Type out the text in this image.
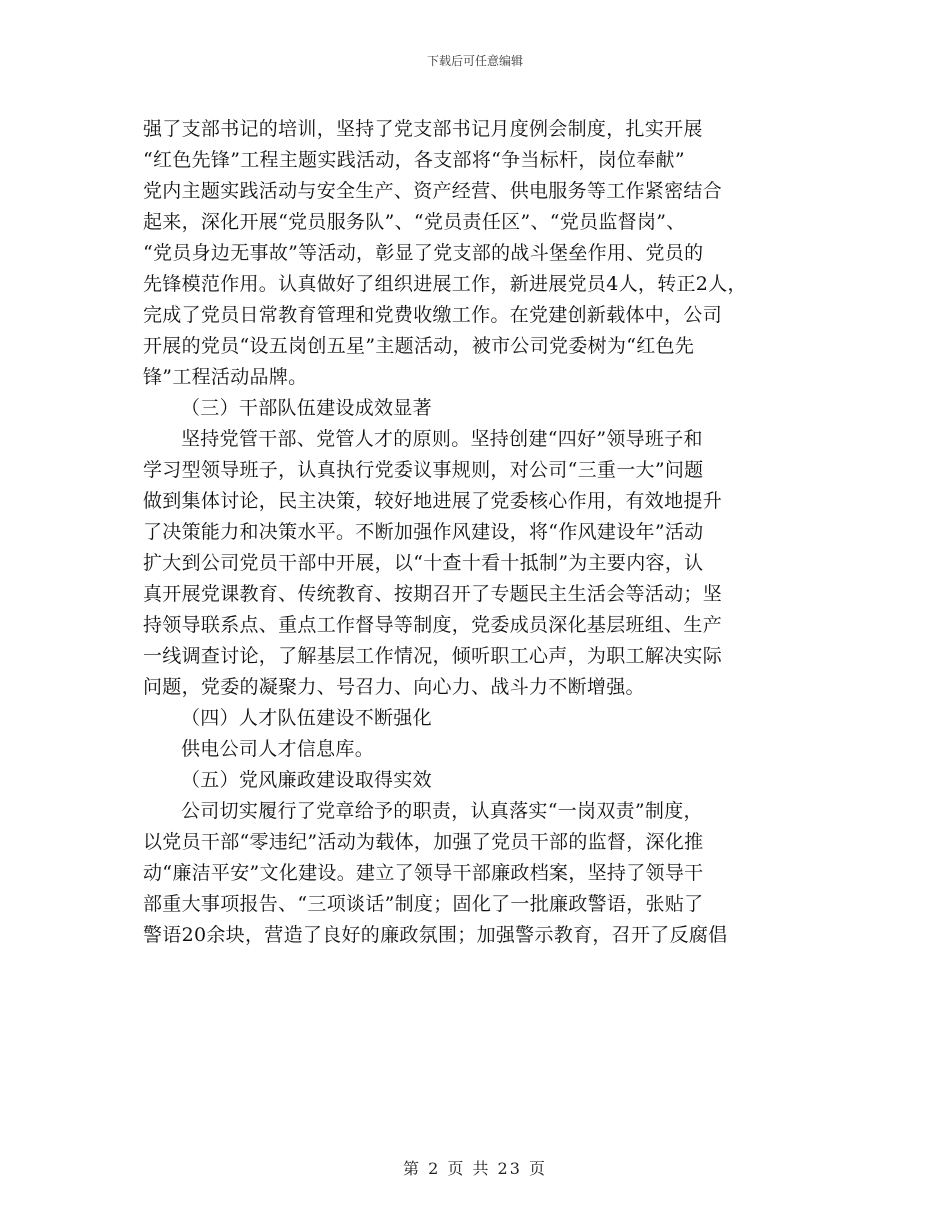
下载后可任意编辑
强了支部书记的培训，坚持了党支部书记月度例会制度，扎实开展
“红色先锋”工程主题实践活动，各支部将“争当标杆，岗位奉献”
党内主题实践活动与安全生产、资产经营、供电服务等工作紧密结合
起来，深化开展“党员服务队”、“党员责任区”、“党员监督岗”、
“党员身边无事故”等活动，彰显了党支部的战斗堡垒作用、党员的
先锋模范作用。认真做好了组织进展工作，新进展党员4人，转正2人，
完成了党员日常教育管理和党费收缴工作。在党建创新载体中，公司
开展的党员“设五岗创五星”主题活动，被市公司党委树为“红色先
锋”工程活动品牌。
（三）干部队伍建设成效显著
坚持党管干部、党管人才的原则。坚持创建“四好”领导班子和
学习型领导班子，认真执行党委议事规则，对公司“三重一大”问题
做到集体讨论，民主决策，较好地进展了党委核心作用，有效地提升
了决策能力和决策水平。不断加强作风建设，将“作风建设年”活动
扩大到公司党员干部中开展，以“十查十看十抵制”为主要内容，认
真开展党课教育、传统教育、按期召开了专题民主生活会等活动；坚
持领导联系点、重点工作督导等制度，党委成员深化基层班组、生产
一线调查讨论，了解基层工作情况，倾听职工心声，为职工解决实际
问题，党委的凝聚力、号召力、向心力、战斗力不断增强。
（四）人才队伍建设不断强化
供电公司人才信息库。
（五）党风廉政建设取得实效
公司切实履行了党章给予的职责，认真落实“一岗双责”制度，
以党员干部“零违纪”活动为载体，加强了党员干部的监督，深化推
动“廉洁平安”文化建设。建立了领导干部廉政档案，坚持了领导干
部重大事项报告、“三项谈话”制度；固化了一批廉政警语，张贴了
警语20余块，营造了良好的廉政氛围；加强警示教育，召开了反腐倡
第 2 页 共 23 页
